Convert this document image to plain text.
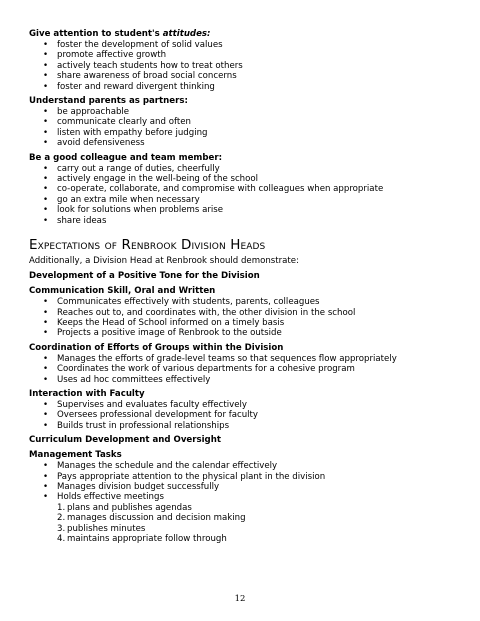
Give attention to student's attitudes:

• foster the development of solid values
• promote affective growth
• actively teach students how to treat others
• share awareness of broad social concerns
• foster and reward divergent thinking

Understand parents as partners:

• be approachable
• communicate clearly and often
• listen with empathy before judging
• avoid defensiveness

Be a good colleague and team member:

• carry out a range of duties, cheerfully
• actively engage in the well-being of the school
• co-operate, collaborate, and compromise with colleagues when appropriate
• go an extra mile when necessary
• look for solutions when problems arise
• share ideas
Expectations of Renbrook Division Heads

Additionally, a Division Head at Renbrook should demonstrate:

Development of a Positive Tone for the Division

Communication Skill, Oral and Written

• Communicates effectively with students, parents, colleagues
• Reaches out to, and coordinates with, the other division in the school
• Keeps the Head of School informed on a timely basis
• Projects a positive image of Renbrook to the outside

Coordination of Efforts of Groups within the Division

• Manages the efforts of grade-level teams so that sequences flow appropriately
• Coordinates the work of various departments for a cohesive program
• Uses ad hoc committees effectively

Interaction with Faculty

• Supervises and evaluates faculty effectively
• Oversees professional development for faculty
• Builds trust in professional relationships

Curriculum Development and Oversight

Management Tasks

• Manages the schedule and the calendar effectively
• Pays appropriate attention to the physical plant in the division
• Manages division budget successfully
• Holds effective meetings
1. plans and publishes agendas
2. manages discussion and decision making
3. publishes minutes
4. maintains appropriate follow through
12
